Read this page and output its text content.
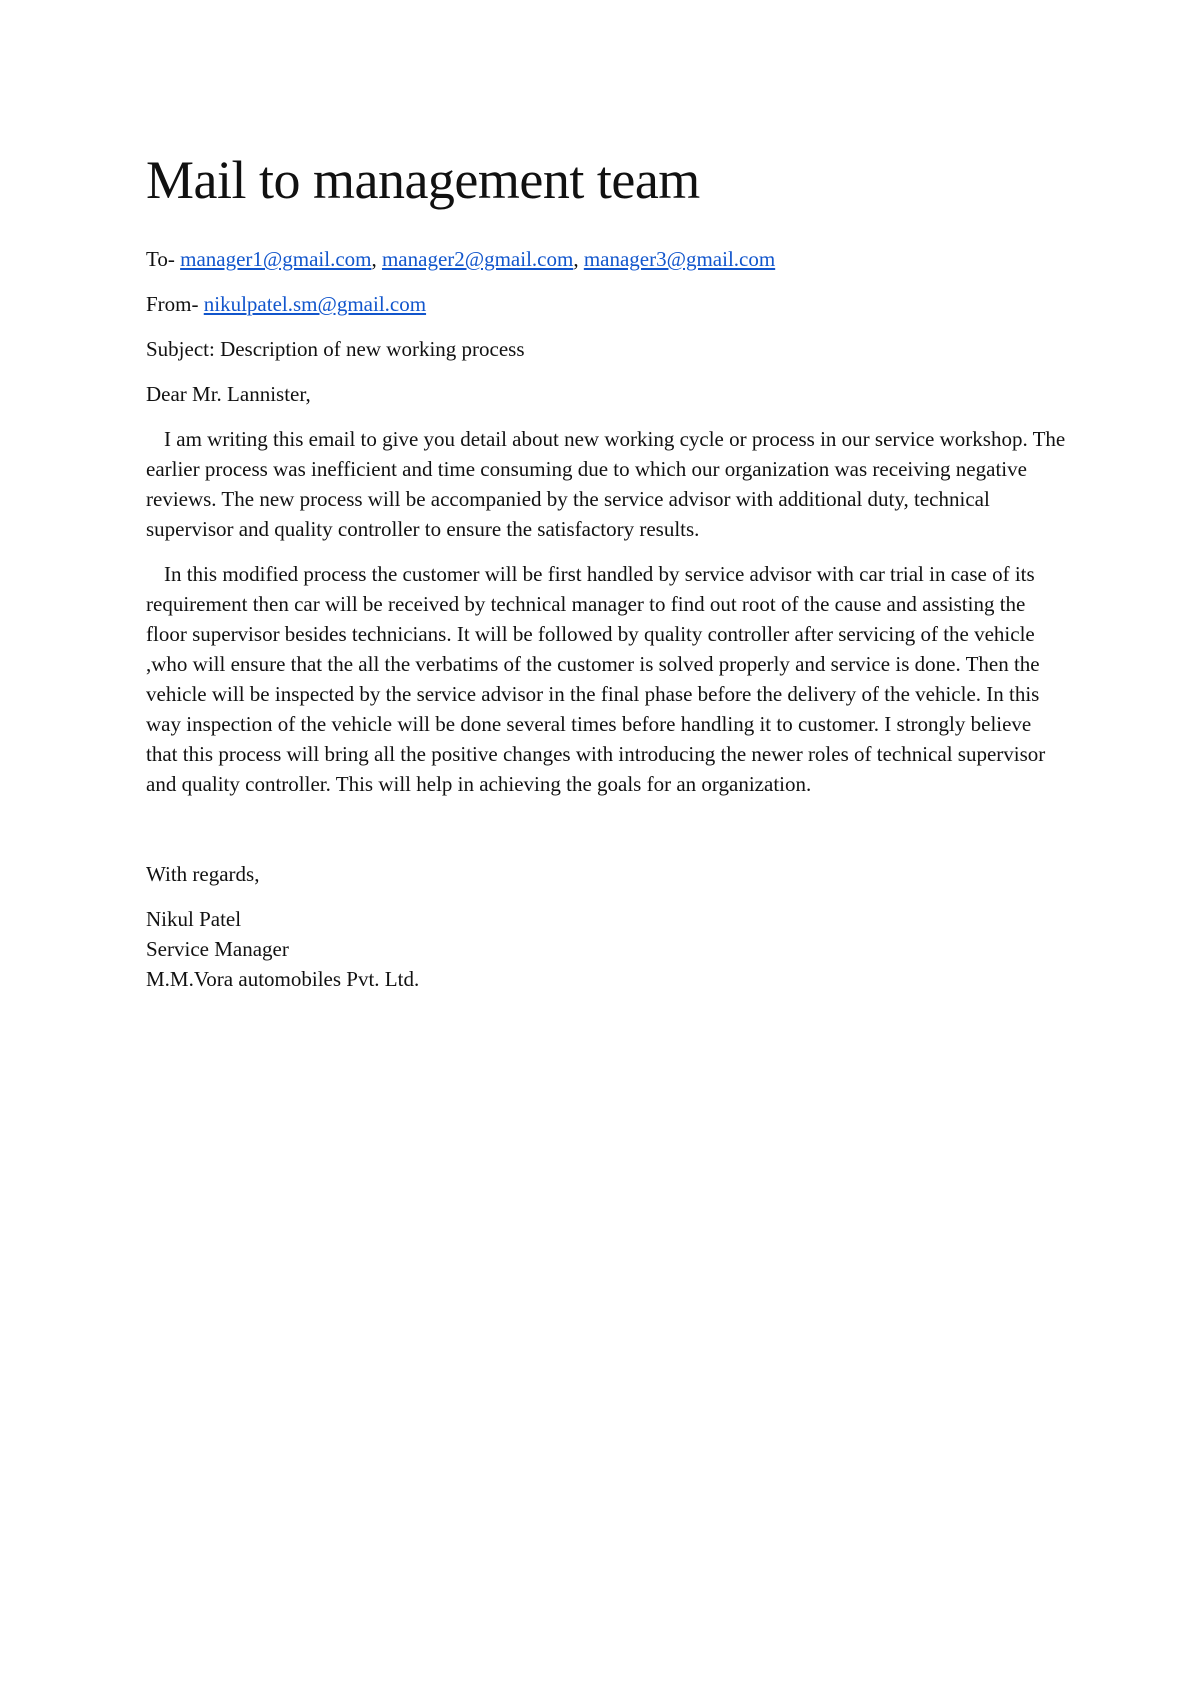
Mail to management team

To- manager1@gmail.com, manager2@gmail.com, manager3@gmail.com

From- nikulpatel.sm@gmail.com

Subject: Description of new working process

Dear Mr. Lannister,

I am writing this email to give you detail about new working cycle or process in our service workshop. The earlier process was inefficient and time consuming due to which our organization was receiving negative reviews. The new process will be accompanied by the service advisor with additional duty, technical supervisor and quality controller to ensure the satisfactory results.

In this modified process the customer will be first handled by service advisor with car trial in case of its requirement then car will be received by technical manager to find out root of the cause and assisting the floor supervisor besides technicians. It will be followed by quality controller after servicing of the vehicle ,who will ensure that the all the verbatims of the customer is solved properly and service is done. Then the vehicle will be inspected by the service advisor in the final phase before the delivery of the vehicle. In this way inspection of the vehicle will be done several times before handling it to customer. I strongly believe that this process will bring all the positive changes with introducing the newer roles of technical supervisor and quality controller. This will help in achieving the goals for an organization.

With regards,

Nikul Patel

Service Manager

M.M.Vora automobiles Pvt. Ltd.
